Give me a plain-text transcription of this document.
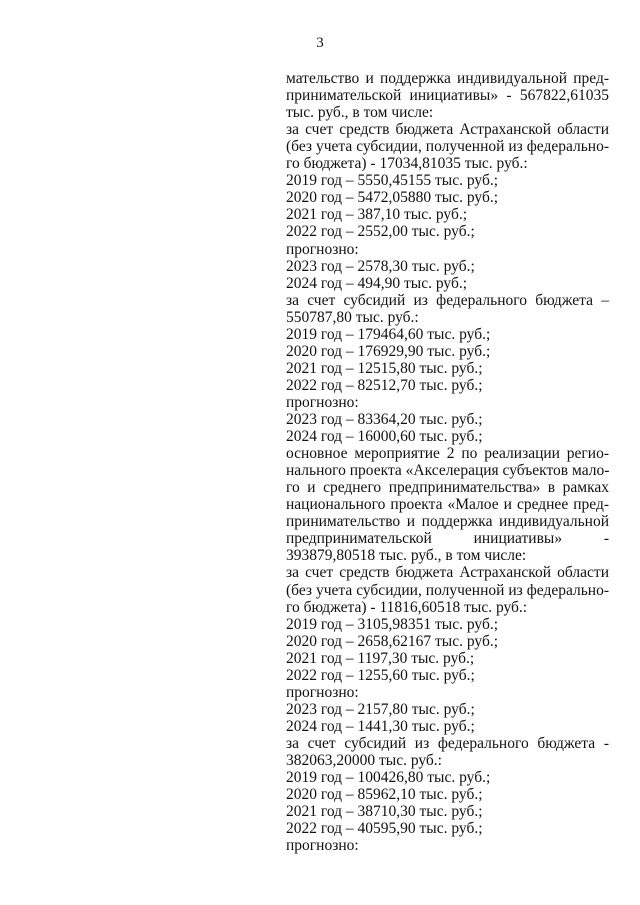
3
мательство и поддержка индивидуальной пред-
принимательской инициативы» - 567822,61035
тыс. руб., в том числе:
за счет средств бюджета Астраханской области
(без учета субсидии, полученной из федерально-
го бюджета) - 17034,81035 тыс. руб.:
2019 год – 5550,45155 тыс. руб.;
2020 год – 5472,05880 тыс. руб.;
2021 год – 387,10 тыс. руб.;
2022 год – 2552,00 тыс. руб.;
прогнозно:
2023 год – 2578,30 тыс. руб.;
2024 год – 494,90 тыс. руб.;
за счет субсидий из федерального бюджета –
550787,80 тыс. руб.:
2019 год – 179464,60 тыс. руб.;
2020 год – 176929,90 тыс. руб.;
2021 год – 12515,80 тыс. руб.;
2022 год – 82512,70 тыс. руб.;
прогнозно:
2023 год – 83364,20 тыс. руб.;
2024 год – 16000,60 тыс. руб.;
основное мероприятие 2 по реализации регио-
нального проекта «Акселерация субъектов мало-
го и среднего предпринимательства» в рамках
национального проекта «Малое и среднее пред-
принимательство и поддержка индивидуальной
предпринимательской инициативы» -
393879,80518 тыс. руб., в том числе:
за счет средств бюджета Астраханской области
(без учета субсидии, полученной из федерально-
го бюджета) - 11816,60518 тыс. руб.:
2019 год – 3105,98351 тыс. руб.;
2020 год – 2658,62167 тыс. руб.;
2021 год – 1197,30 тыс. руб.;
2022 год – 1255,60 тыс. руб.;
прогнозно:
2023 год – 2157,80 тыс. руб.;
2024 год – 1441,30 тыс. руб.;
за счет субсидий из федерального бюджета -
382063,20000 тыс. руб.:
2019 год – 100426,80 тыс. руб.;
2020 год – 85962,10 тыс. руб.;
2021 год – 38710,30 тыс. руб.;
2022 год – 40595,90 тыс. руб.;
прогнозно:
